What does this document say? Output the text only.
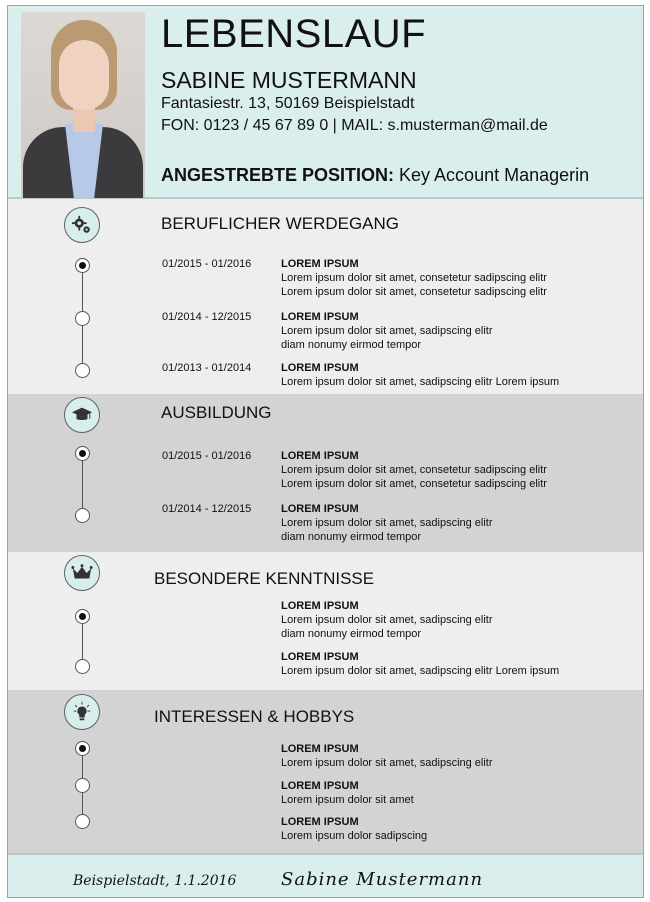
LEBENSLAUF
SABINE MUSTERMANN
Fantasiestr. 13, 50169 Beispielstadt
FON: 0123 / 45 67 89 0 | MAIL: s.musterman@mail.de
ANGESTREBTE POSITION: Key Account Managerin
BERUFLICHER WERDEGANG
01/2015 - 01/2016	LOREM IPSUM
Lorem ipsum dolor sit amet, consetetur sadipscing elitr
Lorem ipsum dolor sit amet, consetetur sadipscing elitr
01/2014 - 12/2015	LOREM IPSUM
Lorem ipsum dolor sit amet, sadipscing elitr
diam nonumy eirmod tempor
01/2013 - 01/2014	LOREM IPSUM
Lorem ipsum dolor sit amet, sadipscing elitr Lorem ipsum
AUSBILDUNG
01/2015 - 01/2016	LOREM IPSUM
Lorem ipsum dolor sit amet, consetetur sadipscing elitr
Lorem ipsum dolor sit amet, consetetur sadipscing elitr
01/2014 - 12/2015	LOREM IPSUM
Lorem ipsum dolor sit amet, sadipscing elitr
diam nonumy eirmod tempor
BESONDERE KENNTNISSE
LOREM IPSUM
Lorem ipsum dolor sit amet, sadipscing elitr
diam nonumy eirmod tempor
LOREM IPSUM
Lorem ipsum dolor sit amet, sadipscing elitr Lorem ipsum
INTERESSEN & HOBBYS
LOREM IPSUM
Lorem ipsum dolor sit amet, sadipscing elitr
LOREM IPSUM
Lorem ipsum dolor sit amet
LOREM IPSUM
Lorem ipsum dolor sadipscing
Beispielstadt, 1.1.2016 Sabine Mustermann
